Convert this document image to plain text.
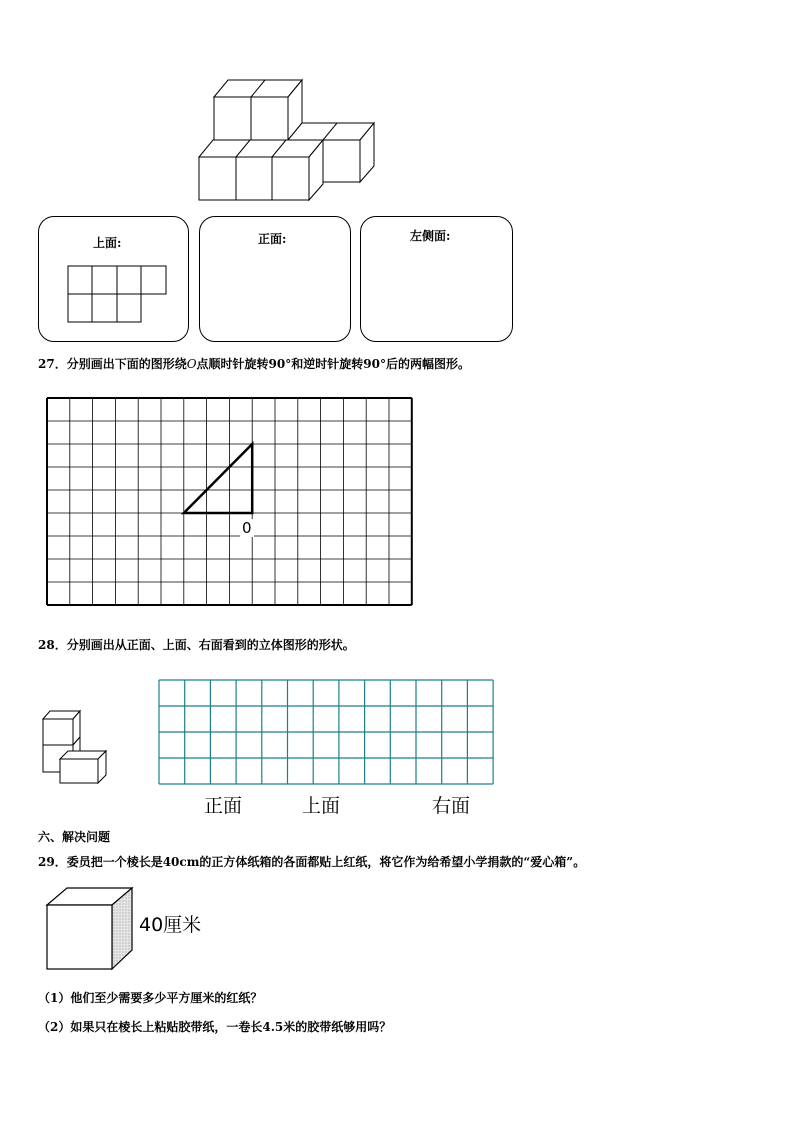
上面:	正面:	左侧面:
27．分别画出下面的图形绕O点顺时针旋转90°和逆时针旋转90°后的两幅图形。
0
28．分别画出从正面、上面、右面看到的立体图形的形状。
正面	上面	右面
六、解决问题
29．委员把一个棱长是40cm的正方体纸箱的各面都贴上红纸，将它作为给希望小学捐款的“爱心箱”。
40厘米
（1）他们至少需要多少平方厘米的红纸？
（2）如果只在棱长上粘贴胶带纸，一卷长4.5米的胶带纸够用吗？
